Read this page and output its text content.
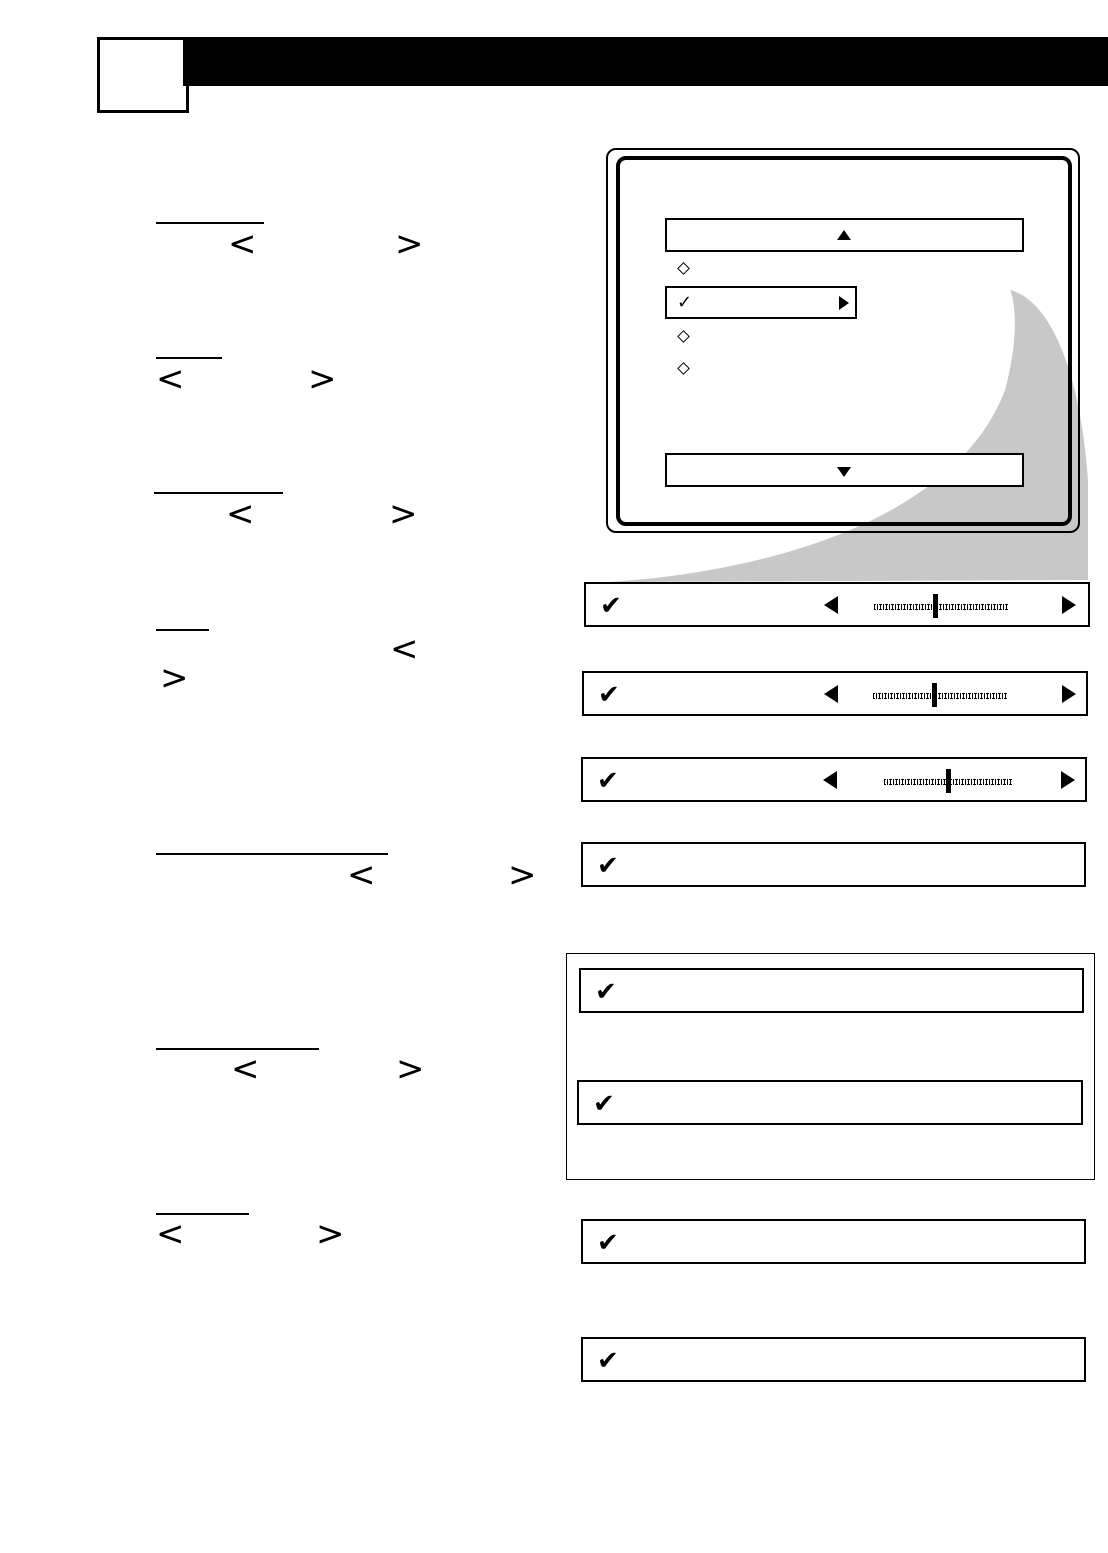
<	>
<	>
<	>
<
>
<	>
<	>
<	>
✓
✔
✔
✔
✔
✔
✔
✔
✔
